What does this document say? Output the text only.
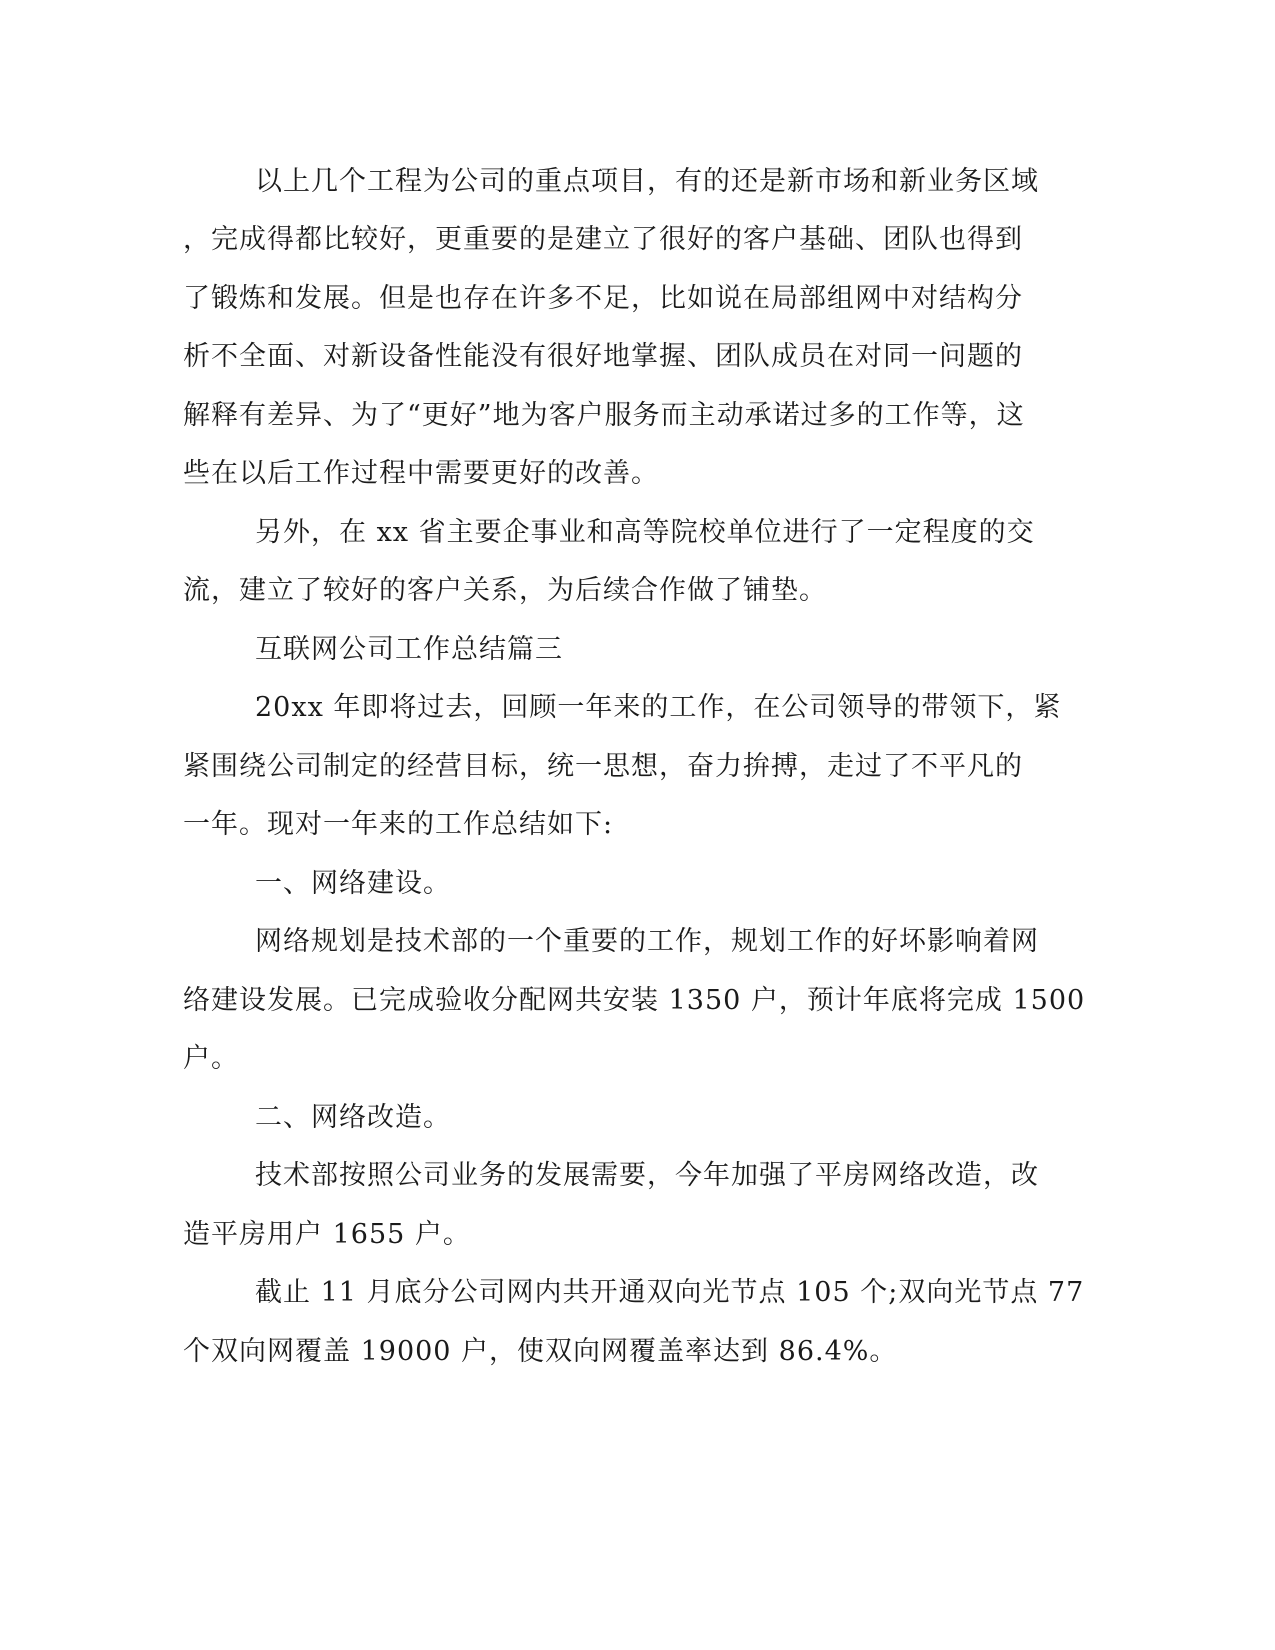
以上几个工程为公司的重点项目，有的还是新市场和新业务区域
，完成得都比较好，更重要的是建立了很好的客户基础、团队也得到
了锻炼和发展。但是也存在许多不足，比如说在局部组网中对结构分
析不全面、对新设备性能没有很好地掌握、团队成员在对同一问题的
解释有差异、为了“更好”地为客户服务而主动承诺过多的工作等，这
些在以后工作过程中需要更好的改善。
另外，在 xx 省主要企事业和高等院校单位进行了一定程度的交
流，建立了较好的客户关系，为后续合作做了铺垫。
互联网公司工作总结篇三
20xx 年即将过去，回顾一年来的工作，在公司领导的带领下，紧
紧围绕公司制定的经营目标，统一思想，奋力拚搏，走过了不平凡的
一年。现对一年来的工作总结如下:
一、网络建设。
网络规划是技术部的一个重要的工作，规划工作的好坏影响着网
络建设发展。已完成验收分配网共安装 1350 户，预计年底将完成 1500
户。
二、网络改造。
技术部按照公司业务的发展需要，今年加强了平房网络改造，改
造平房用户 1655 户。
截止 11 月底分公司网内共开通双向光节点 105 个;双向光节点 77
个双向网覆盖 19000 户，使双向网覆盖率达到 86.4%。
